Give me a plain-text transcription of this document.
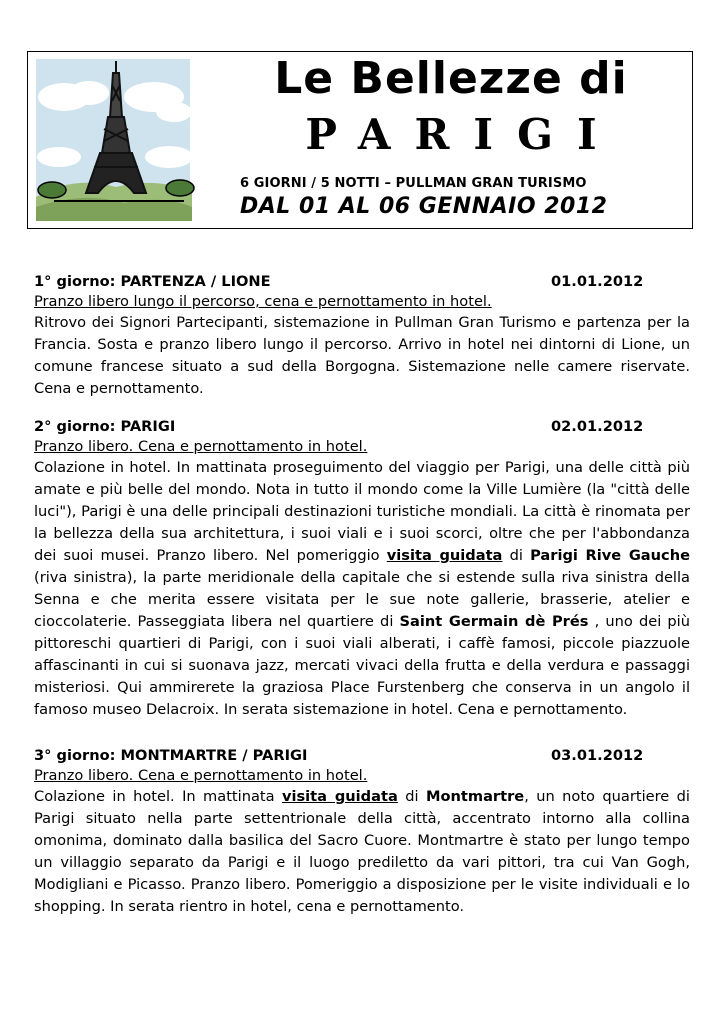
Le Bellezze di
PARIGI
6 GIORNI / 5 NOTTI – PULLMAN GRAN TURISMO
DAL 01 AL 06 GENNAIO 2012
1° giorno: PARTENZA / LIONE	01.01.2012
Pranzo libero lungo il percorso, cena e pernottamento in hotel.

Ritrovo dei Signori Partecipanti, sistemazione in Pullman Gran Turismo e partenza per la Francia. Sosta e pranzo libero lungo il percorso. Arrivo in hotel nei dintorni di Lione, un comune francese situato a sud della Borgogna. Sistemazione nelle camere riservate. Cena e pernottamento.

2° giorno: PARIGI	02.01.2012
Pranzo libero. Cena e pernottamento in hotel.

Colazione in hotel. In mattinata proseguimento del viaggio per Parigi, una delle città più amate e più belle del mondo. Nota in tutto il mondo come la Ville Lumière (la "città delle luci"), Parigi è una delle principali destinazioni turistiche mondiali. La città è rinomata per la bellezza della sua architettura, i suoi viali e i suoi scorci, oltre che per l'abbondanza dei suoi musei. Pranzo libero. Nel pomeriggio visita guidata di Parigi Rive Gauche (riva sinistra), la parte meridionale della capitale che si estende sulla riva sinistra della Senna e che merita essere visitata per le sue note gallerie, brasserie, atelier e cioccolaterie. Passeggiata libera nel quartiere di Saint Germain dè Prés , uno dei più pittoreschi quartieri di Parigi, con i suoi viali alberati, i caffè famosi, piccole piazzuole affascinanti in cui si suonava jazz, mercati vivaci della frutta e della verdura e passaggi misteriosi. Qui ammirerete la graziosa Place Furstenberg che conserva in un angolo il famoso museo Delacroix. In serata sistemazione in hotel. Cena e pernottamento.

3° giorno: MONTMARTRE / PARIGI	03.01.2012
Pranzo libero. Cena e pernottamento in hotel.

Colazione in hotel. In mattinata visita guidata di Montmartre, un noto quartiere di Parigi situato nella parte settentrionale della città, accentrato intorno alla collina omonima, dominato dalla basilica del Sacro Cuore. Montmartre è stato per lungo tempo un villaggio separato da Parigi e il luogo prediletto da vari pittori, tra cui Van Gogh, Modigliani e Picasso. Pranzo libero. Pomeriggio a disposizione per le visite individuali e lo shopping. In serata rientro in hotel, cena e pernottamento.
